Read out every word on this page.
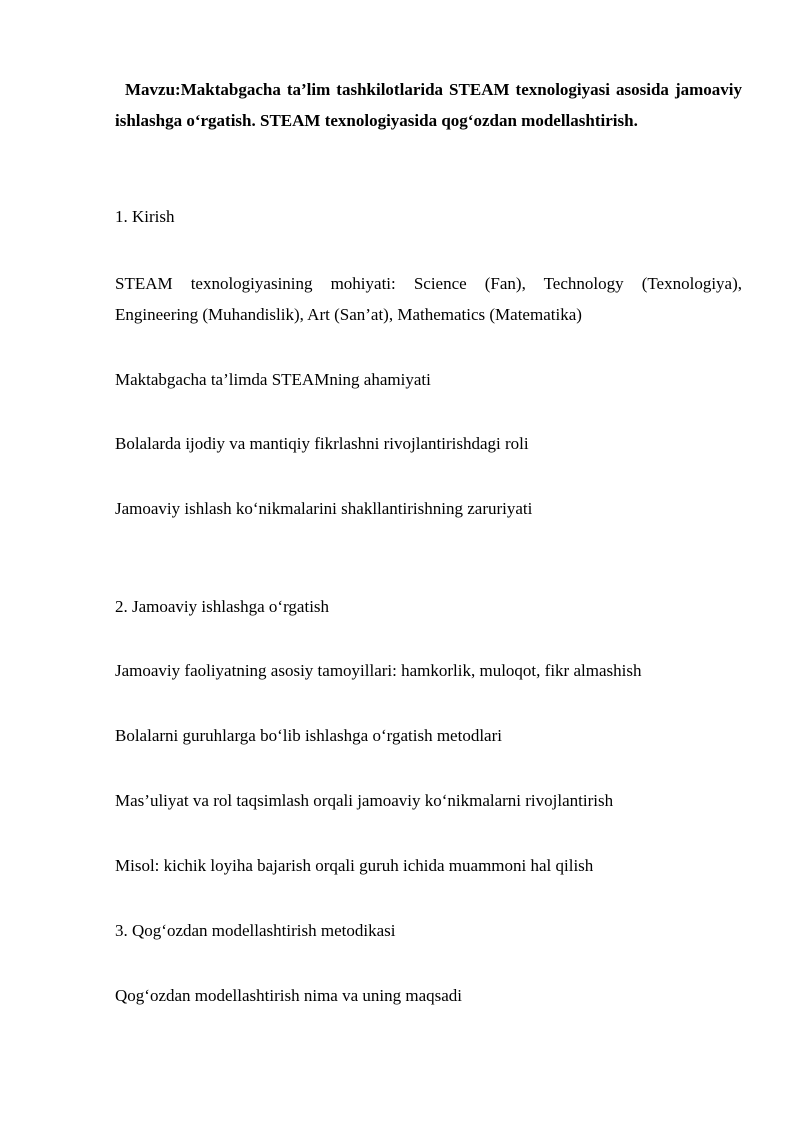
Mavzu:Maktabgacha ta’lim tashkilotlarida STEAM texnologiyasi asosida jamoaviy ishlashga o‘rgatish. STEAM texnologiyasida qog‘ozdan modellashtirish.
1. Kirish
STEAM texnologiyasining mohiyati: Science (Fan), Technology (Texnologiya), Engineering (Muhandislik), Art (San’at), Mathematics (Matematika)
Maktabgacha ta’limda STEAMning ahamiyati
Bolalarda ijodiy va mantiqiy fikrlashni rivojlantirishdagi roli
Jamoaviy ishlash ko‘nikmalarini shakllantirishning zaruriyati
2. Jamoaviy ishlashga o‘rgatish
Jamoaviy faoliyatning asosiy tamoyillari: hamkorlik, muloqot, fikr almashish
Bolalarni guruhlarga bo‘lib ishlashga o‘rgatish metodlari
Mas’uliyat va rol taqsimlash orqali jamoaviy ko‘nikmalarni rivojlantirish
Misol: kichik loyiha bajarish orqali guruh ichida muammoni hal qilish
3. Qog‘ozdan modellashtirish metodikasi
Qog‘ozdan modellashtirish nima va uning maqsadi
